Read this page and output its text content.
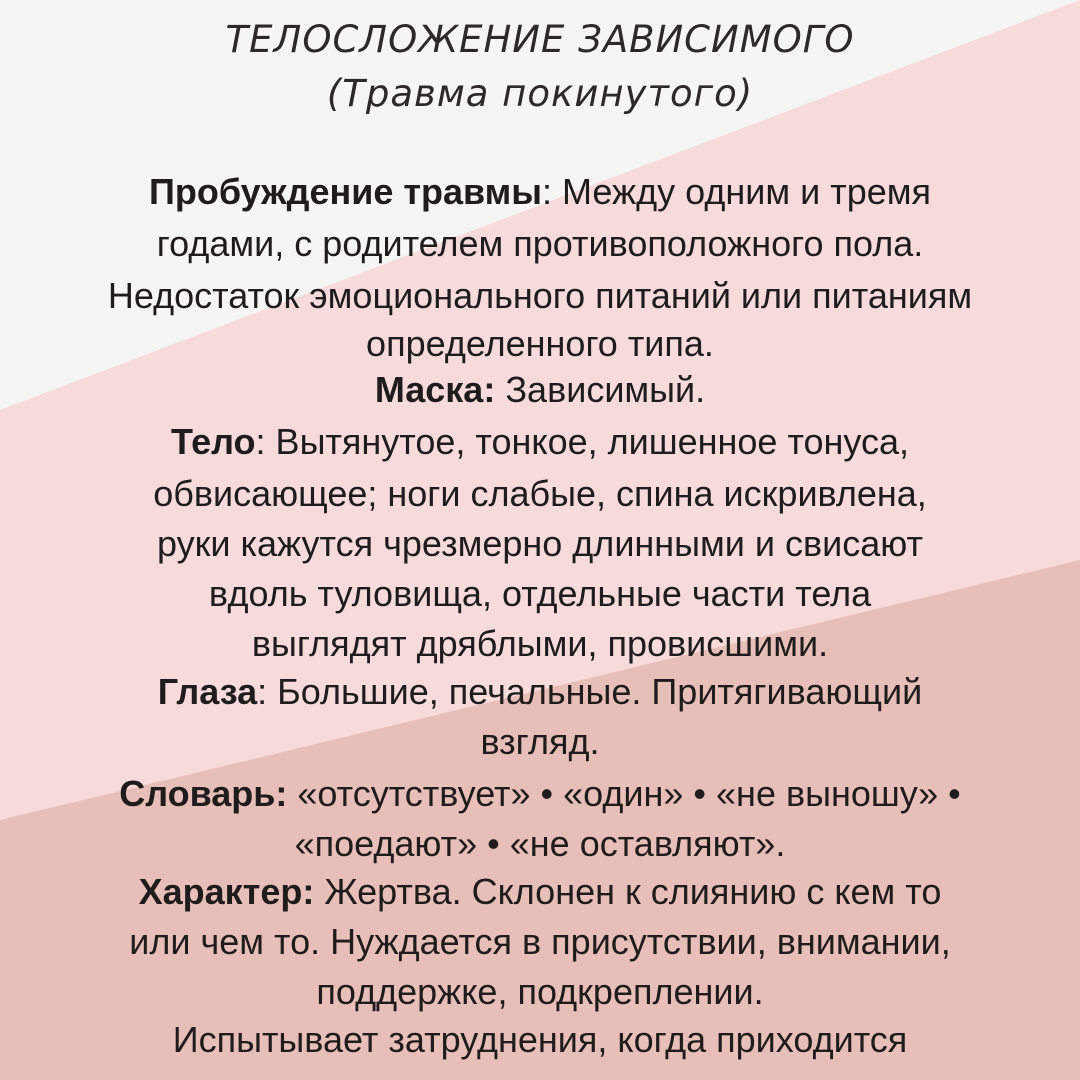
ТЕЛОСЛОЖЕНИЕ ЗАВИСИМОГО
(Травма покинутого)
Пробуждение травмы: Между одним и тремя
годами, с родителем противоположного пола.
Недостаток эмоционального питаний или питаниям
определенного типа.
Маска: Зависимый.
Тело: Вытянутое, тонкое, лишенное тонуса,
обвисающее; ноги слабые, спина искривлена,
руки кажутся чрезмерно длинными и свисают
вдоль туловища, отдельные части тела
выглядят дряблыми, провисшими.
Глаза: Большие, печальные. Притягивающий
взгляд.
Словарь: «отсутствует» • «один» • «не выношу» •
«поедают» • «не оставляют».
Характер: Жертва. Склонен к слиянию с кем то
или чем то. Нуждается в присутствии, внимании,
поддержке, подкреплении.
Испытывает затруднения, когда приходится
